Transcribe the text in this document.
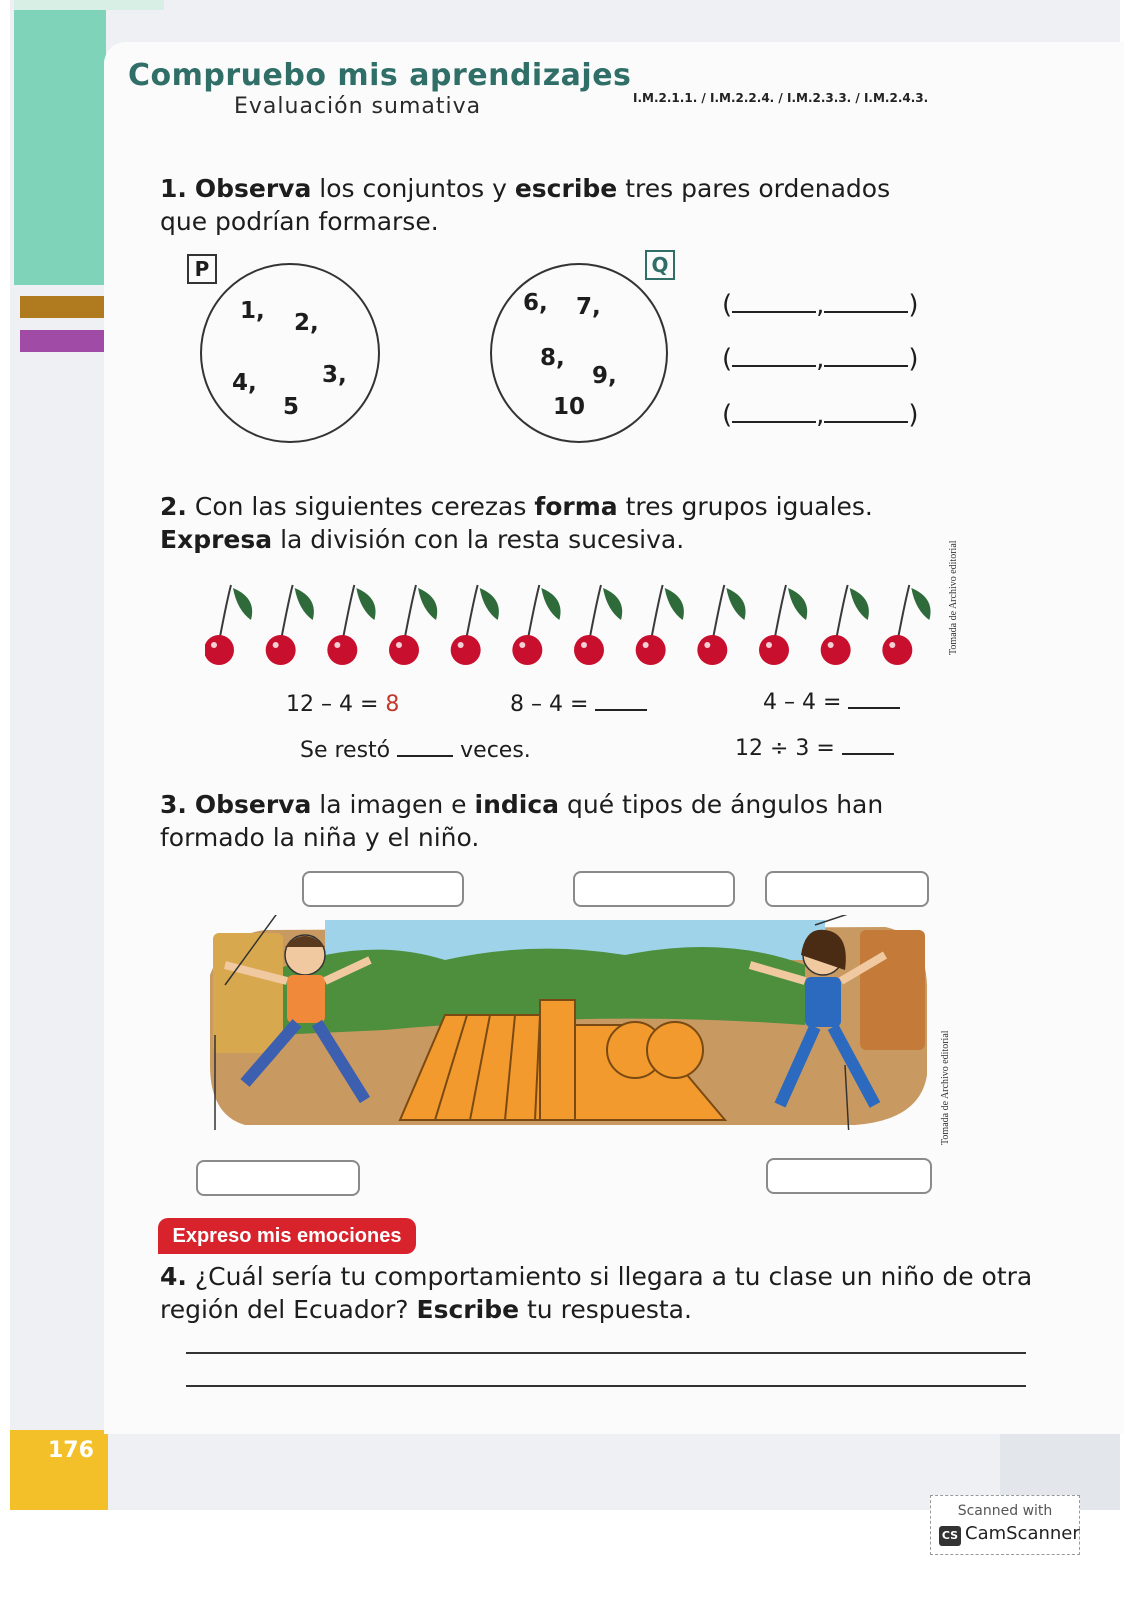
176
Compruebo mis aprendizajes
Evaluación sumativa	I.M.2.1.1. / I.M.2.2.4. / I.M.2.3.3. / I.M.2.4.3.
1. Observa los conjuntos y escribe tres pares ordenados que podrían formarse.
P
1, 2,
3,
4,
5
Q
6, 7,
8,
9,
10
(	,	)
(	,	)
(	,	)
2. Con las siguientes cerezas forma tres grupos iguales. Expresa la división con la resta sucesiva.
Tomada de Archivo editorial
12 – 4 = 8	8 – 4 =	4 – 4 =
Se restó	veces.	12 ÷ 3 =
3. Observa la imagen e indica qué tipos de ángulos han formado la niña y el niño.
Tomada de Archivo editorial
Expreso mis emociones
4. ¿Cuál sería tu comportamiento si llegara a tu clase un niño de otra región del Ecuador? Escribe tu respuesta.
Scanned with
CS CamScanner
